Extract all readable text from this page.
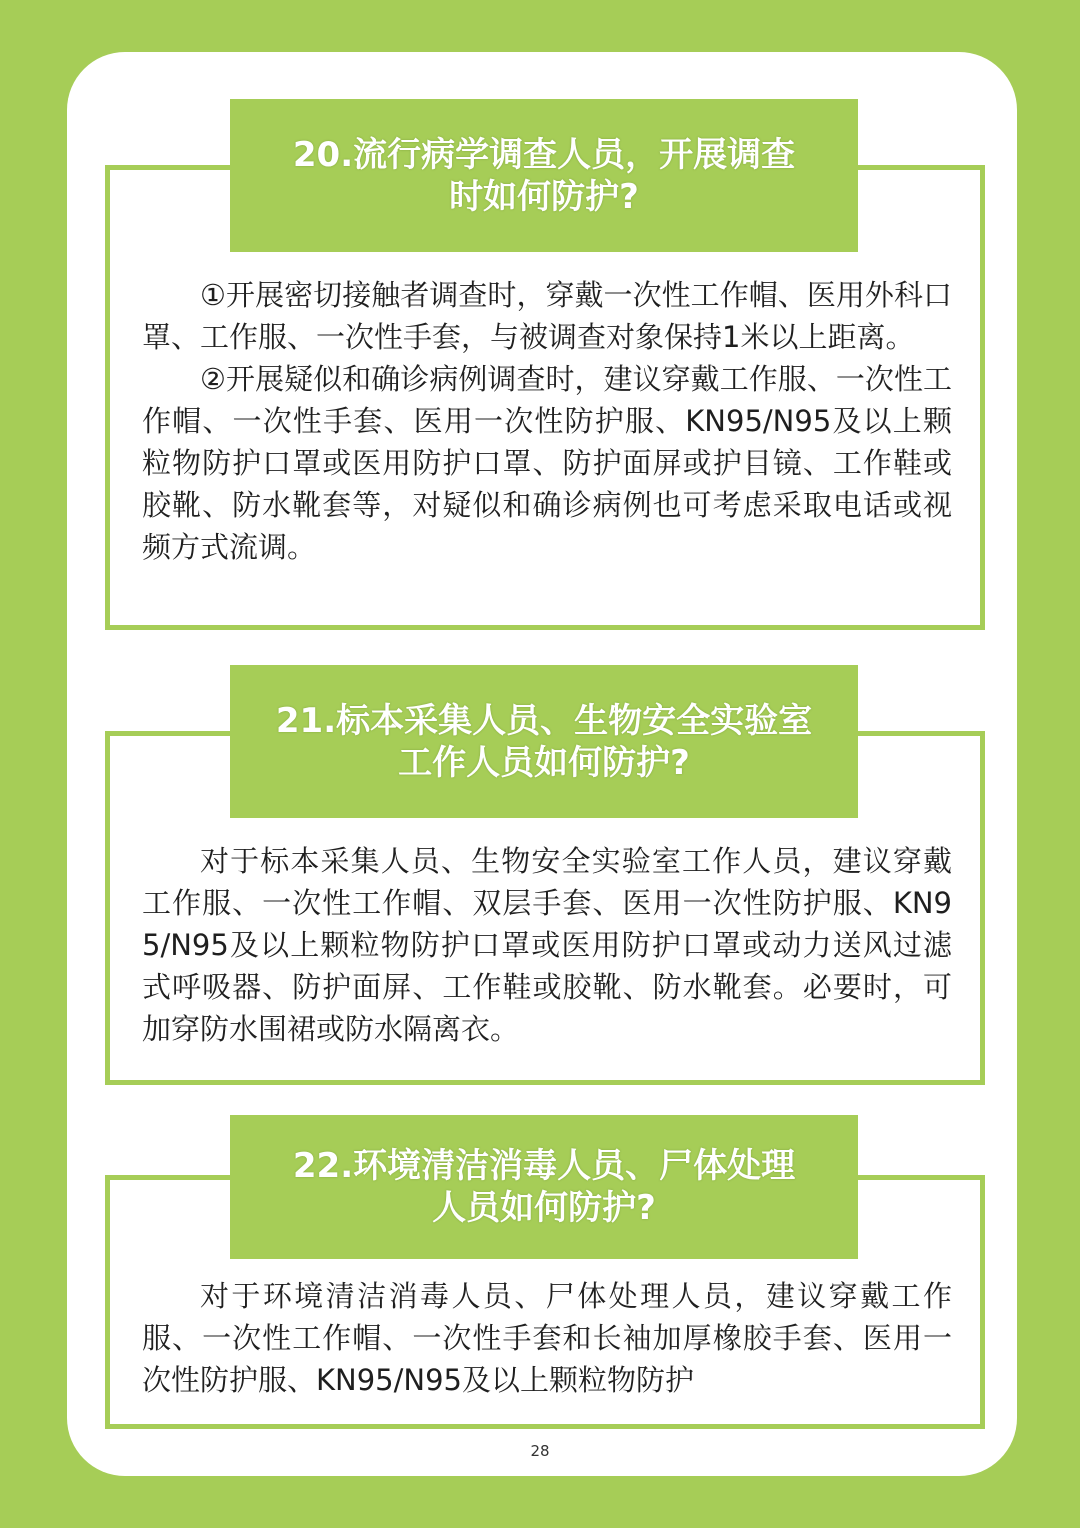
20.流行病学调查人员，开展调查
时如何防护?

①开展密切接触者调查时，穿戴一次性工作帽、医用外科口罩、工作服、一次性手套，与被调查对象保持1米以上距离。

②开展疑似和确诊病例调查时，建议穿戴工作服、一次性工作帽、一次性手套、医用一次性防护服、KN95/N95及以上颗粒物防护口罩或医用防护口罩、防护面屏或护目镜、工作鞋或胶靴、防水靴套等，对疑似和确诊病例也可考虑采取电话或视频方式流调。

21.标本采集人员、生物安全实验室
工作人员如何防护?

对于标本采集人员、生物安全实验室工作人员，建议穿戴工作服、一次性工作帽、双层手套、医用一次性防护服、KN95/N95及以上颗粒物防护口罩或医用防护口罩或动力送风过滤式呼吸器、防护面屏、工作鞋或胶靴、防水靴套。必要时，可加穿防水围裙或防水隔离衣。

22.环境清洁消毒人员、尸体处理
人员如何防护?

对于环境清洁消毒人员、尸体处理人员，建议穿戴工作服、一次性工作帽、一次性手套和长袖加厚橡胶手套、医用一次性防护服、KN95/N95及以上颗粒物防护

28
